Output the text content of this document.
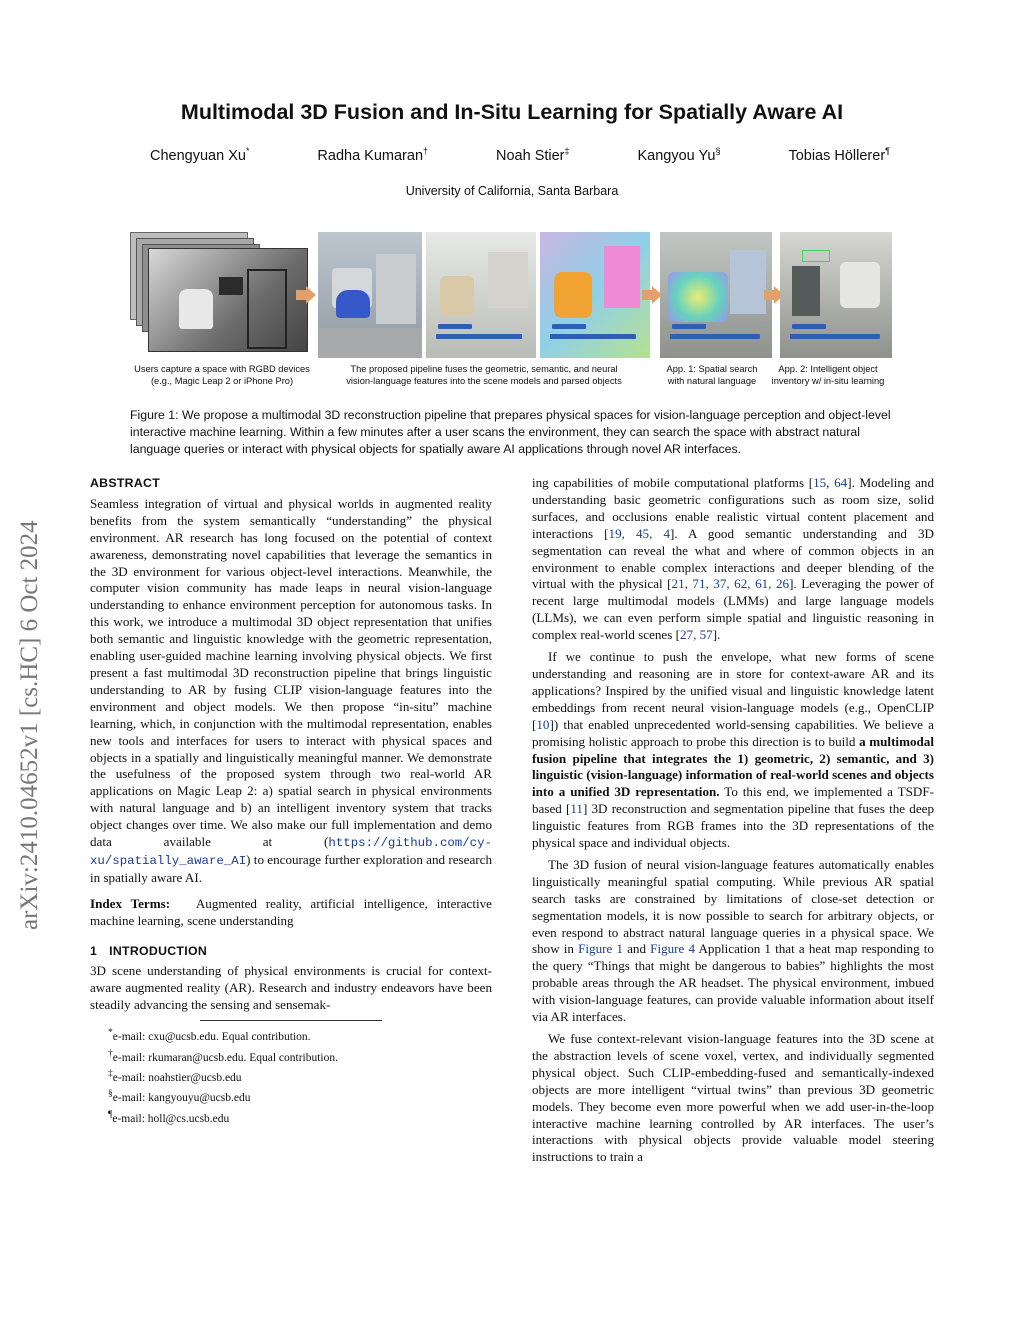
Multimodal 3D Fusion and In-Situ Learning for Spatially Aware AI
Chengyuan Xu*	Radha Kumaran†	Noah Stier‡	Kangyou Yu§	Tobias Höllerer¶
University of California, Santa Barbara
arXiv:2410.04652v1 [cs.HC] 6 Oct 2024
Users capture a space with RGBD devices
(e.g., Magic Leap 2 or iPhone Pro)
The proposed pipeline fuses the geometric, semantic, and neural
vision-language features into the scene models and parsed objects
App. 1: Spatial search
with natural language
App. 2: Intelligent object
inventory w/ in-situ learning
Figure 1: We propose a multimodal 3D reconstruction pipeline that prepares physical spaces for vision-language perception and object-level interactive machine learning. Within a few minutes after a user scans the environment, they can search the space with abstract natural language queries or interact with physical objects for spatially aware AI applications through novel AR interfaces.
ABSTRACT

Seamless integration of virtual and physical worlds in augmented reality benefits from the system semantically “understanding” the physical environment. AR research has long focused on the potential of context awareness, demonstrating novel capabilities that leverage the semantics in the 3D environment for various object-level interactions. Meanwhile, the computer vision community has made leaps in neural vision-language understanding to enhance environment perception for autonomous tasks. In this work, we introduce a multimodal 3D object representation that unifies both semantic and linguistic knowledge with the geometric representation, enabling user-guided machine learning involving physical objects. We first present a fast multimodal 3D reconstruction pipeline that brings linguistic understanding to AR by fusing CLIP vision-language features into the environment and object models. We then propose “in-situ” machine learning, which, in conjunction with the multimodal representation, enables new tools and interfaces for users to interact with physical spaces and objects in a spatially and linguistically meaningful manner. We demonstrate the usefulness of the proposed system through two real-world AR applications on Magic Leap 2: a) spatial search in physical environments with natural language and b) an intelligent inventory system that tracks object changes over time. We also make our full implementation and demo data available at (https://github.com/cy-xu/spatially_aware_AI) to encourage further exploration and research in spatially aware AI.

Index Terms: Augmented reality, artificial intelligence, interactive machine learning, scene understanding

1 INTRODUCTION

3D scene understanding of physical environments is crucial for context-aware augmented reality (AR). Research and industry endeavors have been steadily advancing the sensing and sensemak-

*e-mail: cxu@ucsb.edu. Equal contribution.

†e-mail: rkumaran@ucsb.edu. Equal contribution.

‡e-mail: noahstier@ucsb.edu

§e-mail: kangyouyu@ucsb.edu

¶e-mail: holl@cs.ucsb.edu

ing capabilities of mobile computational platforms [15, 64]. Modeling and understanding basic geometric configurations such as room size, solid surfaces, and occlusions enable realistic virtual content placement and interactions [19, 45, 4]. A good semantic understanding and 3D segmentation can reveal the what and where of common objects in an environment to enable complex interactions and deeper blending of the virtual with the physical [21, 71, 37, 62, 61, 26]. Leveraging the power of recent large multimodal models (LMMs) and large language models (LLMs), we can even perform simple spatial and linguistic reasoning in complex real-world scenes [27, 57].

If we continue to push the envelope, what new forms of scene understanding and reasoning are in store for context-aware AR and its applications? Inspired by the unified visual and linguistic knowledge latent embeddings from recent neural vision-language models (e.g., OpenCLIP [10]) that enabled unprecedented world-sensing capabilities. We believe a promising holistic approach to probe this direction is to build a multimodal fusion pipeline that integrates the 1) geometric, 2) semantic, and 3) linguistic (vision-language) information of real-world scenes and objects into a unified 3D representation. To this end, we implemented a TSDF-based [11] 3D reconstruction and segmentation pipeline that fuses the deep linguistic features from RGB frames into the 3D representations of the physical space and individual objects.

The 3D fusion of neural vision-language features automatically enables linguistically meaningful spatial computing. While previous AR spatial search tasks are constrained by limitations of close-set detection or segmentation models, it is now possible to search for arbitrary objects, or even respond to abstract natural language queries in a physical space. We show in Figure 1 and Figure 4 Application 1 that a heat map responding to the query “Things that might be dangerous to babies” highlights the most probable areas through the AR headset. The physical environment, imbued with vision-language features, can provide valuable information about itself via AR interfaces.

We fuse context-relevant vision-language features into the 3D scene at the abstraction levels of scene voxel, vertex, and individually segmented physical object. Such CLIP-embedding-fused and semantically-indexed objects are more intelligent “virtual twins” than previous 3D geometric models. They become even more powerful when we add user-in-the-loop interactive machine learning controlled by AR interfaces. The user’s interactions with physical objects provide valuable model steering instructions to train a
